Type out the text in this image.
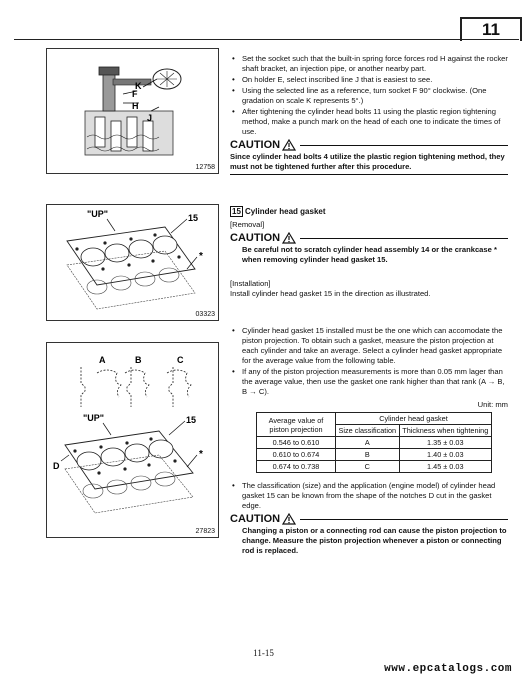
11
K
F
H
J
12758
• Set the socket such that the built-in spring force forces rod H against the rocker shaft bracket, an injection pipe, or another nearby part.
• On holder E, select inscribed line J that is easiest to see.
• Using the selected line as a reference, turn socket F 90° clockwise. (One gradation on scale K represents 5°.)
• After tightening the cylinder head bolts 11 using the plastic region tightening method, make a punch mark on the head of each one to indicate the times of use.
CAUTION
Since cylinder head bolts 4 utilize the plastic region tightening method, they must not be tightened further after this procedure.
"UP"	15
*
03323
15 Cylinder head gasket
[Removal]
CAUTION
Be careful not to scratch cylinder head assembly 14 or the crankcase * when removing cylinder head gasket 15.
[Installation]
Install cylinder head gasket 15 in the direction as illustrated.
A	B	C
"UP"	15
*
D
27823
• Cylinder head gasket 15 installed must be the one which can accomodate the piston projection. To obtain such a gasket, measure the piston projection at each cylinder and take an average. Select a cylinder head gasket appropriate for the average value from the following table.
• If any of the piston projection measurements is more than 0.05 mm lager than the average value, then use the gasket one rank higher than that rank (A → B, B → C).
Unit: mm
Average value of piston projection	Cylinder head gasket	
	Size classification	Thickness when tightening
0.546 to 0.610	A	1.35 ± 0.03
0.610 to 0.674	B	1.40 ± 0.03
0.674 to 0.738	C	1.45 ± 0.03
• The classification (size) and the application (engine model) of cylinder head gasket 15 can be known from the shape of the notches D cut in the gasket edge.
CAUTION
Changing a piston or a connecting rod can cause the piston projection to change. Measure the piston projection whenever a piston or connecting rod is replaced.
11-15
www.epcatalogs.com
